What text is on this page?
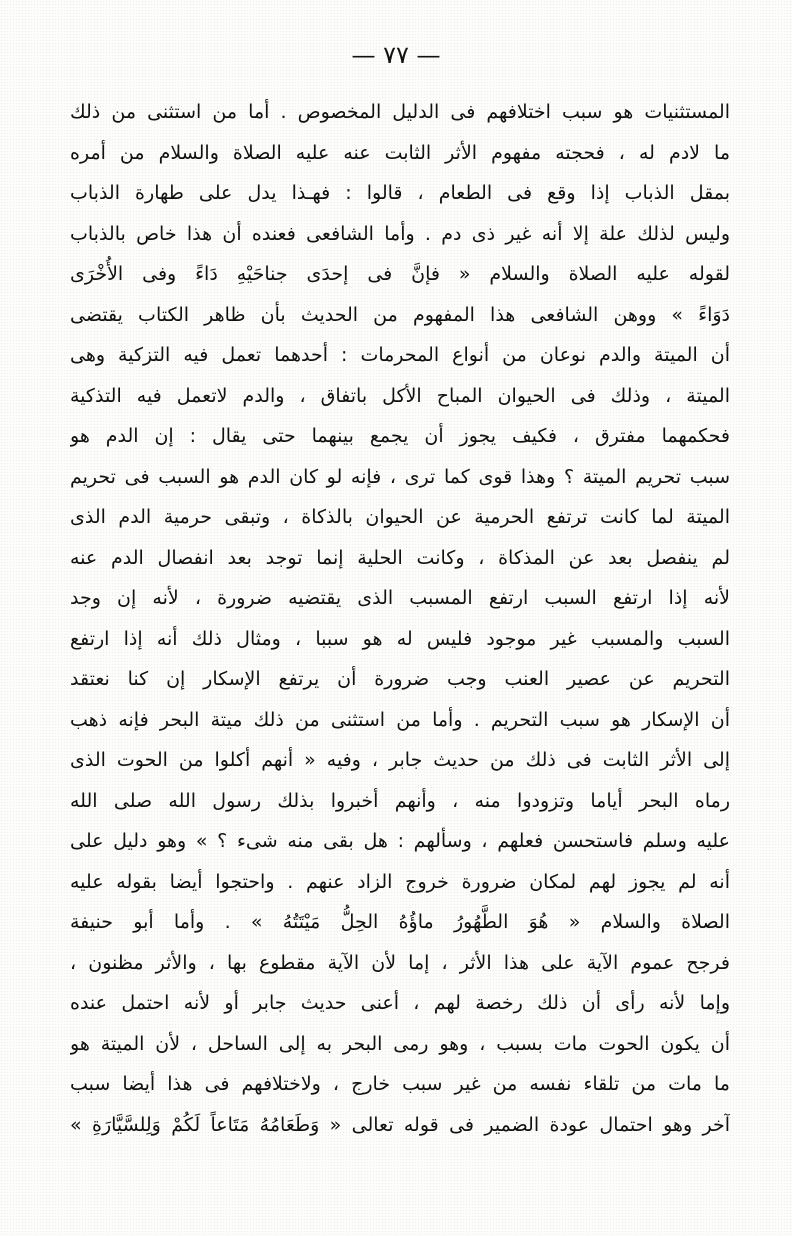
— ٧٧ —
المستثنيات هو سبب اختلافهم فى الدليل المخصوص . أما من استثنى من ذلك
ما لادم له ، فحجته مفهوم الأثر الثابت عنه عليه الصلاة والسلام من أمره
بمقل الذباب إذا وقع فى الطعام ، قالوا : فهـذا يدل على طهارة الذباب
وليس لذلك علة إلا أنه غير ذى دم . وأما الشافعى فعنده أن هذا خاص بالذباب
لقوله عليه الصلاة والسلام « فإنَّ فى إحدَى جناحَيْهِ دَاءً وفى الأُخْرَى
دَوَاءً » ووهن الشافعى هذا المفهوم من الحديث بأن ظاهر الكتاب يقتضى
أن الميتة والدم نوعان من أنواع المحرمات : أحدهما تعمل فيه التزكية وهى
الميتة ، وذلك فى الحيوان المباح الأكل باتفاق ، والدم لاتعمل فيه التذكية
فحكمهما مفترق ، فكيف يجوز أن يجمع بينهما حتى يقال : إن الدم هو
سبب تحريم الميتة ؟ وهذا قوى كما ترى ، فإنه لو كان الدم هو السبب فى تحريم
الميتة لما كانت ترتفع الحرمية عن الحيوان بالذكاة ، وتبقى حرمية الدم الذى
لم ينفصل بعد عن المذكاة ، وكانت الحلية إنما توجد بعد انفصال الدم عنه
لأنه إذا ارتفع السبب ارتفع المسبب الذى يقتضيه ضرورة ، لأنه إن وجد
السبب والمسبب غير موجود فليس له هو سببا ، ومثال ذلك أنه إذا ارتفع
التحريم عن عصير العنب وجب ضرورة أن يرتفع الإسكار إن كنا نعتقد
أن الإسكار هو سبب التحريم . وأما من استثنى من ذلك ميتة البحر فإنه ذهب
إلى الأثر الثابت فى ذلك من حديث جابر ، وفيه « أنهم أكلوا من الحوت الذى
رماه البحر أياما وتزودوا منه ، وأنهم أخبروا بذلك رسول الله صلى الله
عليه وسلم فاستحسن فعلهم ، وسألهم : هل بقى منه شىء ؟ » وهو دليل على
أنه لم يجوز لهم لمكان ضرورة خروج الزاد عنهم . واحتجوا أيضا بقوله عليه
الصلاة والسلام « هُوَ الطَّهُورُ ماؤُهُ الحِلُّ مَيْتَتُهُ » . وأما أبو حنيفة
فرجح عموم الآية على هذا الأثر ، إما لأن الآية مقطوع بها ، والأثر مظنون ،
وإما لأنه رأى أن ذلك رخصة لهم ، أعنى حديث جابر أو لأنه احتمل عنده
أن يكون الحوت مات بسبب ، وهو رمى البحر به إلى الساحل ، لأن الميتة هو
ما مات من تلقاء نفسه من غير سبب خارج ، ولاختلافهم فى هذا أيضا سبب
آخر وهو احتمال عودة الضمير فى قوله تعالى « وَطَعَامُهُ مَتَاعاً لَكُمْ وَلِلسَّيَّارَةِ »
